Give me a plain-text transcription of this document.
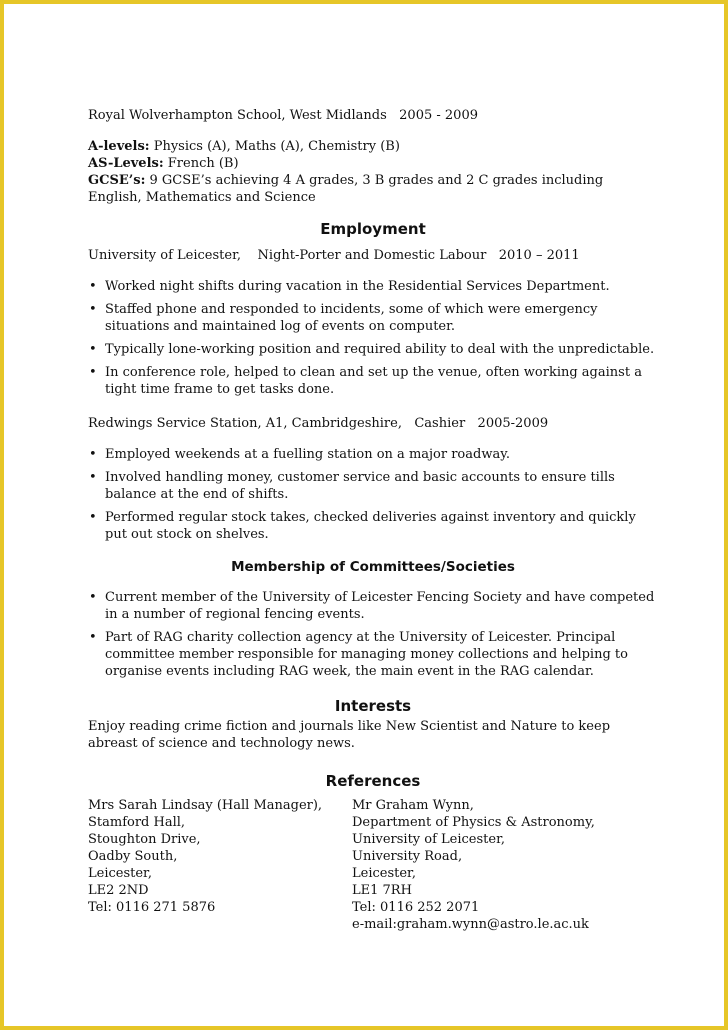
Royal Wolverhampton School, West Midlands   2005 - 2009

A-levels: Physics (A), Maths (A), Chemistry (B)

AS-Levels: French (B)

GCSE’s: 9 GCSE’s achieving 4 A grades, 3 B grades and 2 C grades including English, Mathematics and Science

Employment

University of Leicester,    Night-Porter and Domestic Labour   2010 – 2011

• Worked night shifts during vacation in the Residential Services Department.
• Staffed phone and responded to incidents, some of which were emergency situations and maintained log of events on computer.
• Typically lone-working position and required ability to deal with the unpredictable.
• In conference role, helped to clean and set up the venue, often working against a tight time frame to get tasks done.

Redwings Service Station, A1, Cambridgeshire,   Cashier   2005-2009

• Employed weekends at a fuelling station on a major roadway.
• Involved handling money, customer service and basic accounts to ensure tills balance at the end of shifts.
• Performed regular stock takes, checked deliveries against inventory and quickly put out stock on shelves.
Membership of Committees/Societies
• Current member of the University of Leicester Fencing Society and have competed in a number of regional fencing events.
• Part of RAG charity collection agency at the University of Leicester. Principal committee member responsible for managing money collections and helping to organise events including RAG week, the main event in the RAG calendar.
Interests

Enjoy reading crime fiction and journals like New Scientist and Nature to keep abreast of science and technology news.

References
Mrs Sarah Lindsay (Hall Manager),
Stamford Hall,
Stoughton Drive,
Oadby South,
Leicester,
LE2 2ND
Tel: 0116 271 5876
Mr Graham Wynn,
Department of Physics & Astronomy,
University of Leicester,
University Road,
Leicester,
LE1 7RH
Tel: 0116 252 2071
e-mail:graham.wynn@astro.le.ac.uk
